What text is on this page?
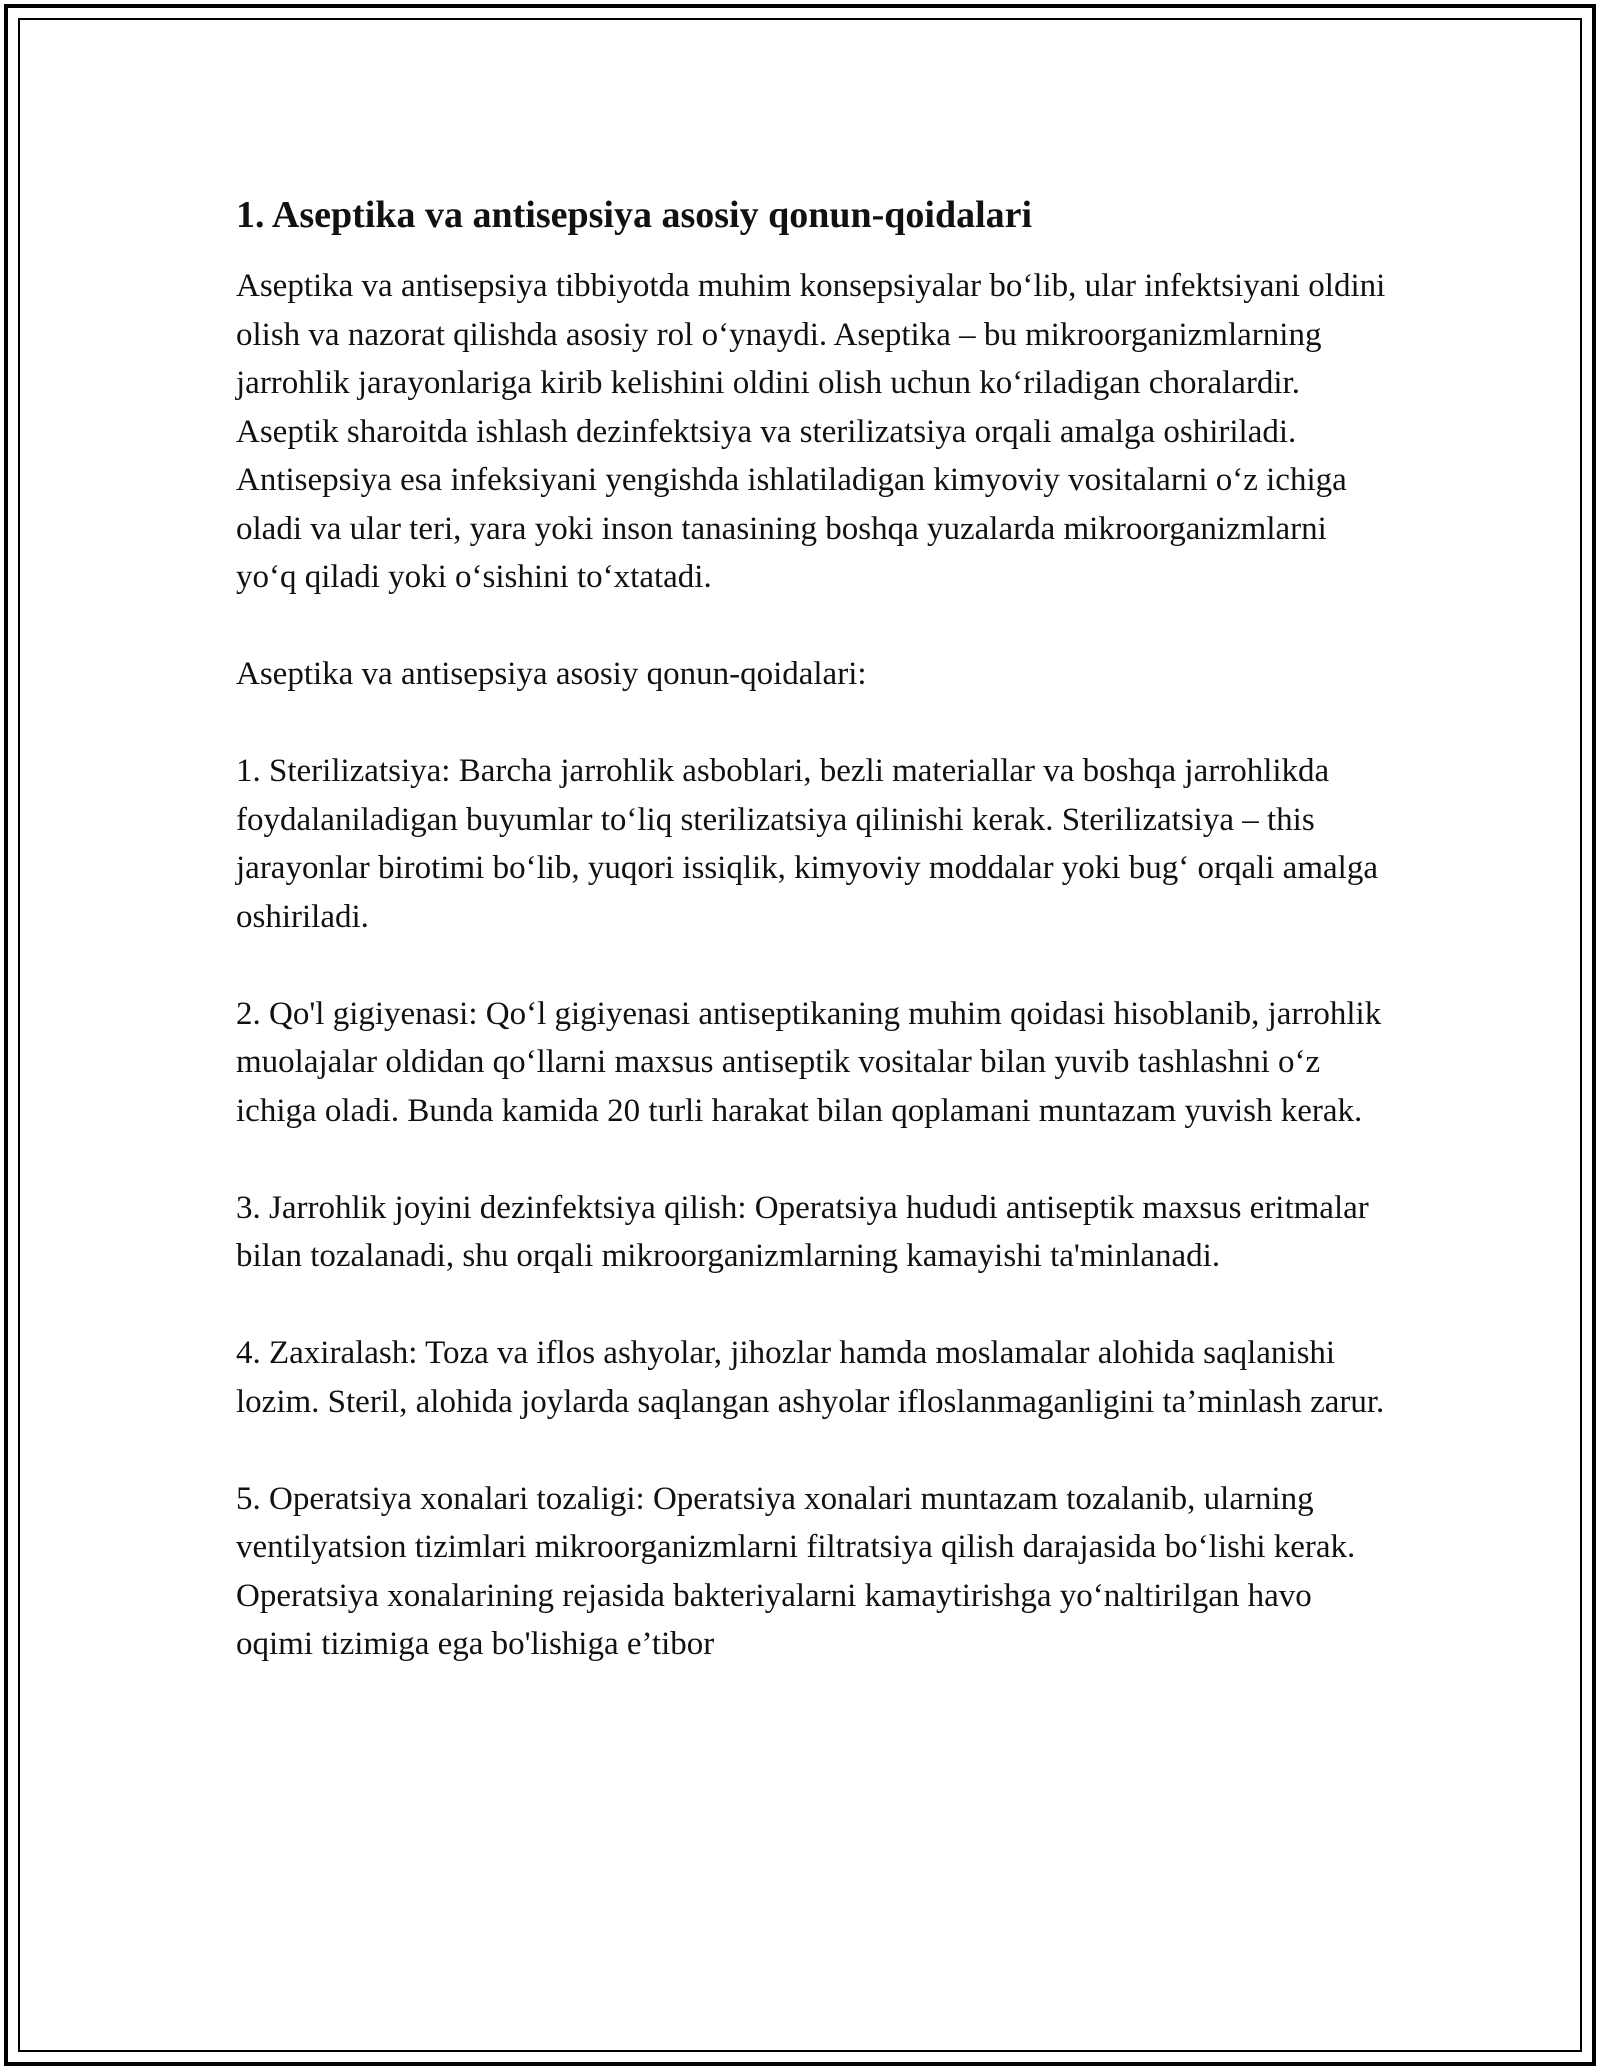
1. Aseptika va antisepsiya asosiy qonun-qoidalari

Aseptika va antisepsiya tibbiyotda muhim konsepsiyalar boʻlib, ular infektsiyani oldini olish va nazorat qilishda asosiy rol oʻynaydi. Aseptika – bu mikroorganizmlarning jarrohlik jarayonlariga kirib kelishini oldini olish uchun koʻriladigan choralardir. Aseptik sharoitda ishlash dezinfektsiya va sterilizatsiya orqali amalga oshiriladi. Antisepsiya esa infeksiyani yengishda ishlatiladigan kimyoviy vositalarni oʻz ichiga oladi va ular teri, yara yoki inson tanasining boshqa yuzalarda mikroorganizmlarni yoʻq qiladi yoki oʻsishini toʻxtatadi.

Aseptika va antisepsiya asosiy qonun-qoidalari:

1. Sterilizatsiya: Barcha jarrohlik asboblari, bezli materiallar va boshqa jarrohlikda foydalaniladigan buyumlar toʻliq sterilizatsiya qilinishi kerak. Sterilizatsiya – this jarayonlar birotimi boʻlib, yuqori issiqlik, kimyoviy moddalar yoki bugʻ orqali amalga oshiriladi.

2. Qo'l gigiyenasi: Qoʻl gigiyenasi antiseptikaning muhim qoidasi hisoblanib, jarrohlik muolajalar oldidan qoʻllarni maxsus antiseptik vositalar bilan yuvib tashlashni oʻz ichiga oladi. Bunda kamida 20 turli harakat bilan qoplamani muntazam yuvish kerak.

3. Jarrohlik joyini dezinfektsiya qilish: Operatsiya hududi antiseptik maxsus eritmalar bilan tozalanadi, shu orqali mikroorganizmlarning kamayishi ta'minlanadi.

4. Zaxiralash: Toza va iflos ashyolar, jihozlar hamda moslamalar alohida saqlanishi lozim. Steril, alohida joylarda saqlangan ashyolar ifloslanmaganligini ta’minlash zarur.

5. Operatsiya xonalari tozaligi: Operatsiya xonalari muntazam tozalanib, ularning ventilyatsion tizimlari mikroorganizmlarni filtratsiya qilish darajasida boʻlishi kerak. Operatsiya xonalarining rejasida bakteriyalarni kamaytirishga yoʻnaltirilgan havo oqimi tizimiga ega bo'lishiga e’tibor
